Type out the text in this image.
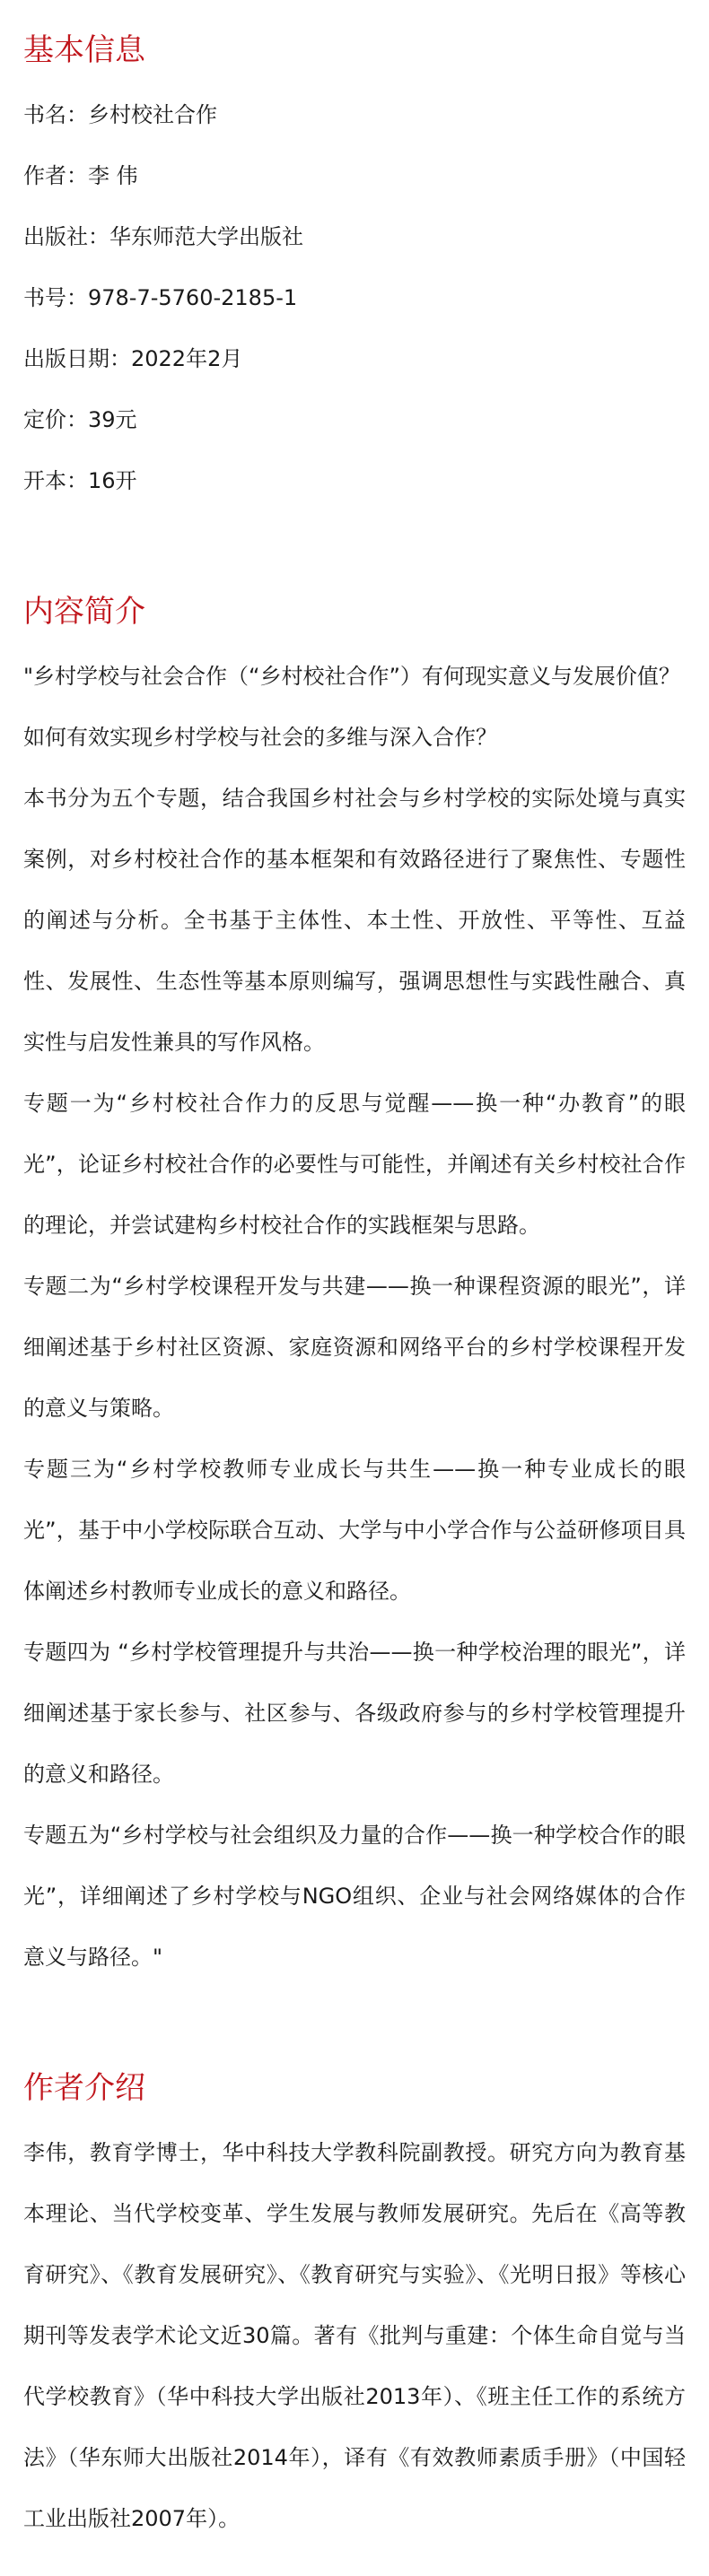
基本信息
书名：乡村校社合作
作者：李 伟
出版社：华东师范大学出版社
书号：978-7-5760-2185-1
出版日期：2022年2月
定价：39元
开本：16开
内容简介

"乡村学校与社会合作（“乡村校社合作”）有何现实意义与发展价值？

如何有效实现乡村学校与社会的多维与深入合作？

本书分为五个专题，结合我国乡村社会与乡村学校的实际处境与真实案例，对乡村校社合作的基本框架和有效路径进行了聚焦性、专题性的阐述与分析。全书基于主体性、本土性、开放性、平等性、互益性、发展性、生态性等基本原则编写，强调思想性与实践性融合、真实性与启发性兼具的写作风格。

专题一为“乡村校社合作力的反思与觉醒——换一种“办教育”的眼光”，论证乡村校社合作的必要性与可能性，并阐述有关乡村校社合作的理论，并尝试建构乡村校社合作的实践框架与思路。

专题二为“乡村学校课程开发与共建——换一种课程资源的眼光”，详细阐述基于乡村社区资源、家庭资源和网络平台的乡村学校课程开发的意义与策略。

专题三为“乡村学校教师专业成长与共生——换一种专业成长的眼光”，基于中小学校际联合互动、大学与中小学合作与公益研修项目具体阐述乡村教师专业成长的意义和路径。

专题四为 “乡村学校管理提升与共治——换一种学校治理的眼光”，详细阐述基于家长参与、社区参与、各级政府参与的乡村学校管理提升的意义和路径。

专题五为“乡村学校与社会组织及力量的合作——换一种学校合作的眼光”，详细阐述了乡村学校与NGO组织、企业与社会网络媒体的合作意义与路径。"

作者介绍

李伟，教育学博士，华中科技大学教科院副教授。研究方向为教育基本理论、当代学校变革、学生发展与教师发展研究。先后在《高等教育研究》、《教育发展研究》、《教育研究与实验》、《光明日报》等核心期刊等发表学术论文近30篇。著有《批判与重建：个体生命自觉与当代学校教育》（华中科技大学出版社2013年）、《班主任工作的系统方法》（华东师大出版社2014年），译有《有效教师素质手册》（中国轻工业出版社2007年）。
